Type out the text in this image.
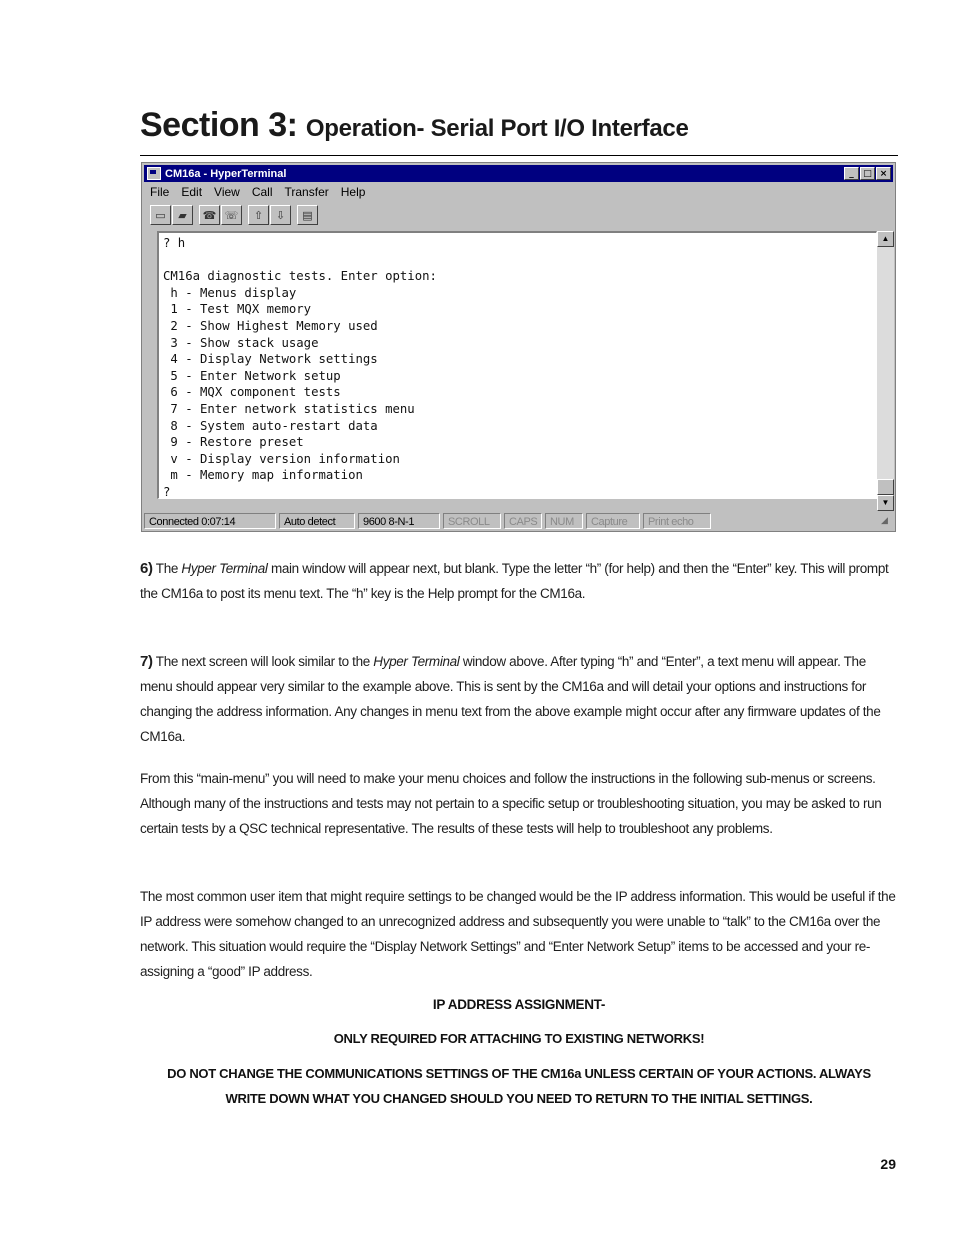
Section 3: Operation- Serial Port I/O Interface
CM16a - HyperTerminal	_	□ ×
File Edit View Call Transfer Help
▭	▰	☎ ☏	⇧	⇩	▤
? h

CM16a diagnostic tests. Enter option:
h - Menus display
1 - Test MQX memory
2 - Show Highest Memory used
3 - Show stack usage
4 - Display Network settings
5 - Enter Network setup
6 - MQX component tests
7 - Enter network statistics menu
8 - System auto-restart data
9 - Restore preset
v - Display version information
m - Memory map information
? _
▲
▼
Connected 0:07:14	Auto detect	9600 8-N-1	SCROLL	CAPS	NUM	Capture	Print echo	◢

6) The Hyper Terminal main window will appear next, but blank. Type the letter “h” (for help) and then the “Enter” key. This will prompt the CM16a to post its menu text. The “h” key is the Help prompt for the CM16a.

7) The next screen will look similar to the Hyper Terminal window above. After typing “h” and “Enter”, a text menu will appear. The menu should appear very similar to the example above. This is sent by the CM16a and will detail your options and instructions for changing the address information. Any changes in menu text from the above example might occur after any firmware updates of the CM16a.

From this “main-menu” you will need to make your menu choices and follow the instructions in the following sub-menus or screens. Although many of the instructions and tests may not pertain to a specific setup or troubleshooting situation, you may be asked to run certain tests by a QSC technical representative. The results of these tests will help to troubleshoot any problems.

The most common user item that might require settings to be changed would be the IP address information. This would be useful if the IP address were somehow changed to an unrecognized address and subsequently you were unable to “talk” to the CM16a over the network. This situation would require the “Display Network Settings” and “Enter Network Setup” items to be accessed and your re-assigning a “good” IP address.

IP ADDRESS ASSIGNMENT-

ONLY REQUIRED FOR ATTACHING TO EXISTING NETWORKS!

DO NOT CHANGE THE COMMUNICATIONS SETTINGS OF THE CM16a UNLESS CERTAIN OF YOUR ACTIONS. ALWAYS WRITE DOWN WHAT YOU CHANGED SHOULD YOU NEED TO RETURN TO THE INITIAL SETTINGS.

29
